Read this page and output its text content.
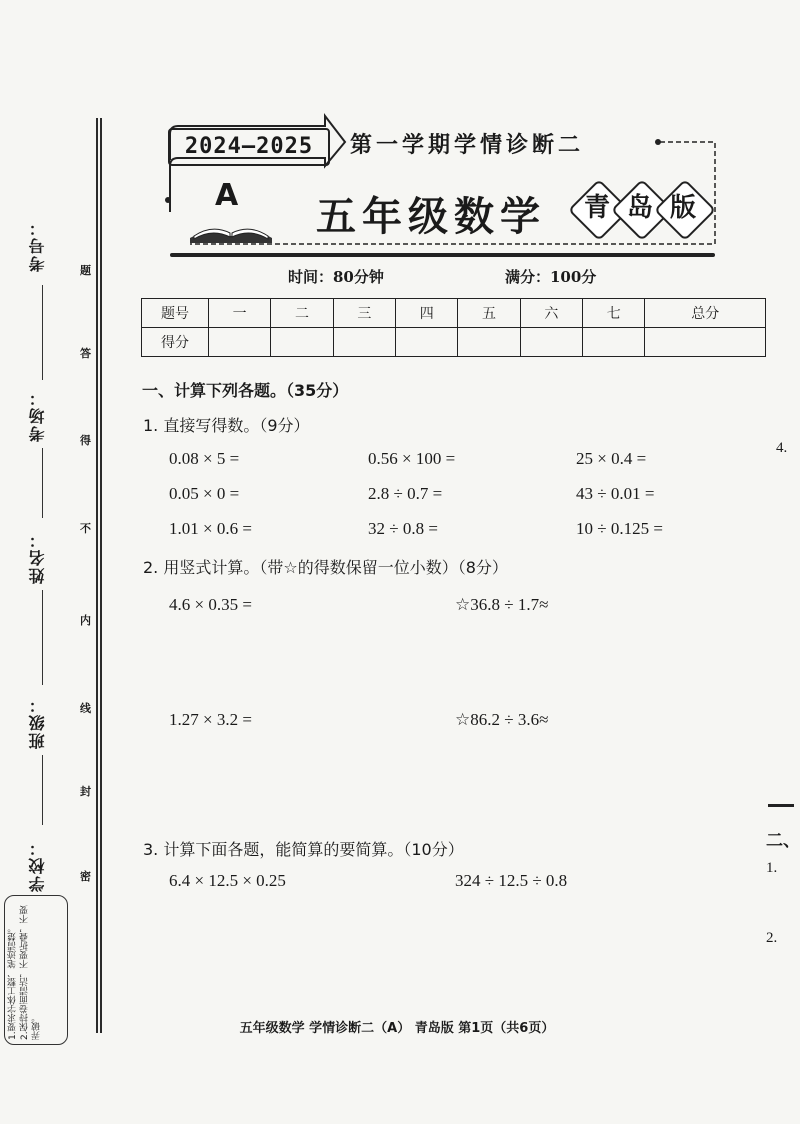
考号：
考场：
姓名：
班级：
学校：
题
答
得
不
内
线
封
密
1.要求字体工整、笔迹清楚。 2.保持卷面清洁，不要折叠，不要弄破。
2024–2025	第一学期学情诊断二
A 五年级数学	青 岛 版
时间：80分钟	满分：100分
题号	一	二	三	四	五	六	七	总分
得分								
一、计算下列各题。（35分）
1. 直接写得数。（9分）
0.08 × 5 =	0.56 × 100 =	25 × 0.4 =
0.05 × 0 =	2.8 ÷ 0.7 =	43 ÷ 0.01 =
1.01 × 0.6 =	32 ÷ 0.8 =	10 ÷ 0.125 =
2. 用竖式计算。（带☆的得数保留一位小数）（8分）
4.6 × 0.35 =	☆36.8 ÷ 1.7≈
1.27 × 3.2 =	☆86.2 ÷ 3.6≈
3. 计算下面各题，能简算的要简算。（10分）
6.4 × 12.5 × 0.25	324 ÷ 12.5 ÷ 0.8
4.
二、
1.
2.
五年级数学 学情诊断二（A） 青岛版 第1页（共6页）
